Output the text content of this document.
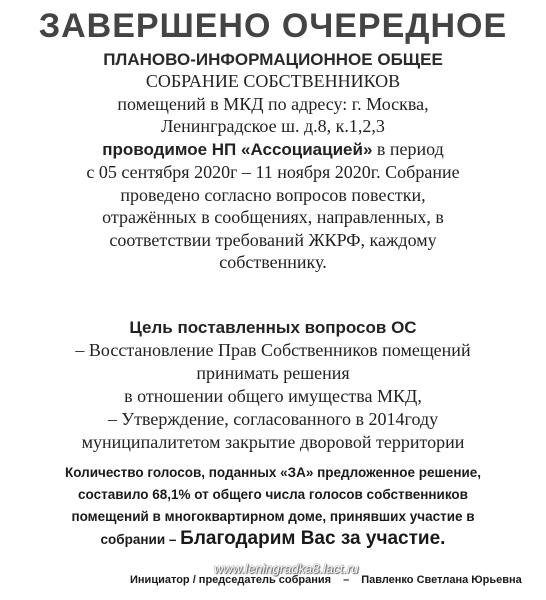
ЗАВЕРШЕНО ОЧЕРЕДНОЕ
ПЛАНОВО-ИНФОРМАЦИОННОЕ ОБЩЕЕ
СОБРАНИЕ СОБСТВЕННИКОВ
помещений в МКД по адресу: г. Москва,
Ленинградское ш. д.8, к.1,2,3
проводимое НП «Ассоциацией» в период
с 05 сентября 2020г – 11 ноября 2020г. Собрание
проведено согласно вопросов повестки,
отражённых в сообщениях, направленных, в
соответствии требований ЖКРФ, каждому
собственнику.
Цель поставленных вопросов ОС
– Восстановление Прав Собственников помещений
принимать решения
в отношении общего имущества МКД,
– Утверждение, согласованного в 2014году
муниципалитетом закрытие дворовой территории
Количество голосов, поданных «ЗА» предложенное решение,
составило 68,1% от общего числа голосов собственников
помещений в многоквартирном доме, принявших участие в
собрании – Благодарим Вас за участие.
www.leningradka8.lact.ru
Инициатор / председатель собрания – Павленко Светлана Юрьевна
